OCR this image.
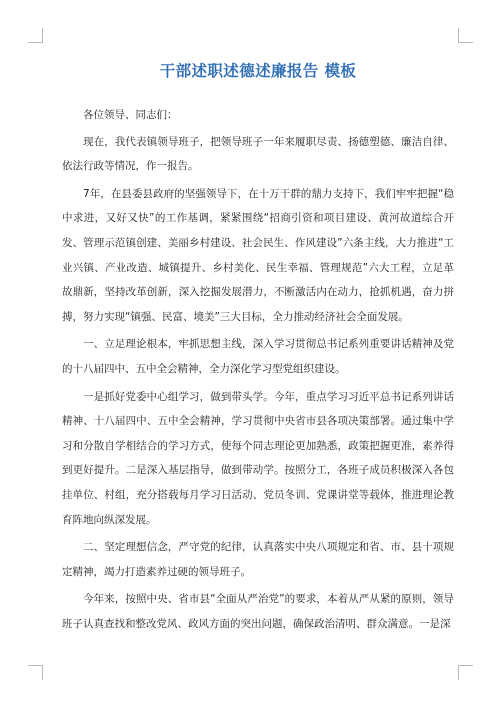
干部述职述德述廉报告 模板

各位领导、同志们：

现在，我代表镇领导班子，把领导班子一年来履职尽责、扬德塑德、廉洁自律、依法行政等情况，作一报告。

7年，在县委县政府的坚强领导下，在十万干群的鼎力支持下，我们牢牢把握“稳中求进，又好又快”的工作基调，紧紧围绕“招商引资和项目建设、黄河故道综合开发、管理示范镇创建、美丽乡村建设、社会民生、作风建设”六条主线，大力推进“工业兴镇、产业改造、城镇提升、乡村美化、民生幸福、管理规范”六大工程，立足革故鼎新，坚持改革创新，深入挖掘发展潜力，不断激活内在动力，抢抓机遇，奋力拼搏，努力实现“镇强、民富、境美”三大目标，全力推动经济社会全面发展。

一、立足理论根本，牢抓思想主线，深入学习贯彻总书记系列重要讲话精神及党的十八届四中、五中全会精神，全力深化学习型党组织建设。

一是抓好党委中心组学习，做到带头学。今年，重点学习习近平总书记系列讲话精神、十八届四中、五中全会精神，学习贯彻中央省市县各项决策部署。通过集中学习和分散自学相结合的学习方式，使每个同志理论更加熟悉，政策把握更准，素养得到更好提升。二是深入基层指导，做到带动学。按照分工，各班子成员积极深入各包挂单位、村组，充分搭载每月学习日活动、党员冬训、党课讲堂等载体，推进理论教育阵地向纵深发展。

二、坚定理想信念，严守党的纪律，认真落实中央八项规定和省、市、县十项规定精神，竭力打造素养过硬的领导班子。

今年来，按照中央、省市县“全面从严治党”的要求，本着从严从紧的原则，领导班子认真查找和整改党风、政风方面的突出问题，确保政治清明、群众满意。一是深
